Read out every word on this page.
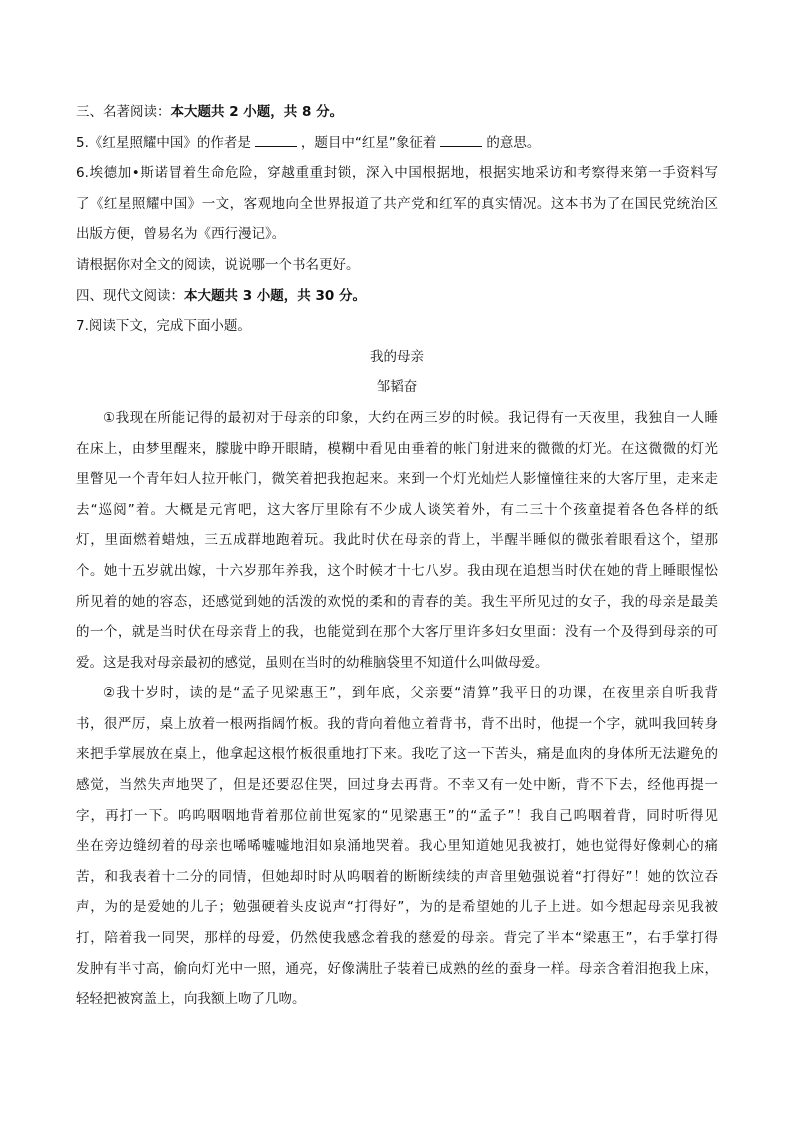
三、名著阅读：本大题共 2 小题，共 8 分。
5.《红星照耀中国》的作者是	，题目中“红星”象征着	的意思。
6.埃德加•斯诺冒着生命危险，穿越重重封锁，深入中国根据地，根据实地采访和考察得来第一手资料写
了《红星照耀中国》一文，客观地向全世界报道了共产党和红军的真实情况。这本书为了在国民党统治区
出版方便，曾易名为《西行漫记》。
请根据你对全文的阅读，说说哪一个书名更好。
四、现代文阅读：本大题共 3 小题，共 30 分。
7.阅读下文，完成下面小题。
我的母亲
邹韬奋
①我现在所能记得的最初对于母亲的印象，大约在两三岁的时候。我记得有一天夜里，我独自一人睡
在床上，由梦里醒来，朦胧中睁开眼睛，模糊中看见由垂着的帐门射进来的微微的灯光。在这微微的灯光
里瞥见一个青年妇人拉开帐门，微笑着把我抱起来。来到一个灯光灿烂人影憧憧往来的大客厅里，走来走
去“巡阅”着。大概是元宵吧，这大客厅里除有不少成人谈笑着外，有二三十个孩童提着各色各样的纸
灯，里面燃着蜡烛，三五成群地跑着玩。我此时伏在母亲的背上，半醒半睡似的微张着眼看这个，望那
个。她十五岁就出嫁，十六岁那年养我，这个时候才十七八岁。我由现在追想当时伏在她的背上睡眼惺忪
所见着的她的容态，还感觉到她的活泼的欢悦的柔和的青春的美。我生平所见过的女子，我的母亲是最美
的一个，就是当时伏在母亲背上的我，也能觉到在那个大客厅里许多妇女里面：没有一个及得到母亲的可
爱。这是我对母亲最初的感觉，虽则在当时的幼稚脑袋里不知道什么叫做母爱。
②我十岁时，读的是“孟子见梁惠王”，到年底，父亲要“清算”我平日的功课，在夜里亲自听我背
书，很严厉，桌上放着一根两指阔竹板。我的背向着他立着背书，背不出时，他提一个字，就叫我回转身
来把手掌展放在桌上，他拿起这根竹板很重地打下来。我吃了这一下苦头，痛是血肉的身体所无法避免的
感觉，当然失声地哭了，但是还要忍住哭，回过身去再背。不幸又有一处中断，背不下去，经他再提一
字，再打一下。呜呜咽咽地背着那位前世冤家的“见梁惠王”的“孟子”！我自己呜咽着背，同时听得见
坐在旁边缝纫着的母亲也唏唏嘘嘘地泪如泉涌地哭着。我心里知道她见我被打，她也觉得好像刺心的痛
苦，和我表着十二分的同情，但她却时时从呜咽着的断断续续的声音里勉强说着“打得好”！她的饮泣吞
声，为的是爱她的儿子；勉强硬着头皮说声“打得好”，为的是希望她的儿子上进。如今想起母亲见我被
打，陪着我一同哭，那样的母爱，仍然使我感念着我的慈爱的母亲。背完了半本“梁惠王”，右手掌打得
发肿有半寸高，偷向灯光中一照，通亮，好像满肚子装着已成熟的丝的蚕身一样。母亲含着泪抱我上床，
轻轻把被窝盖上，向我额上吻了几吻。
